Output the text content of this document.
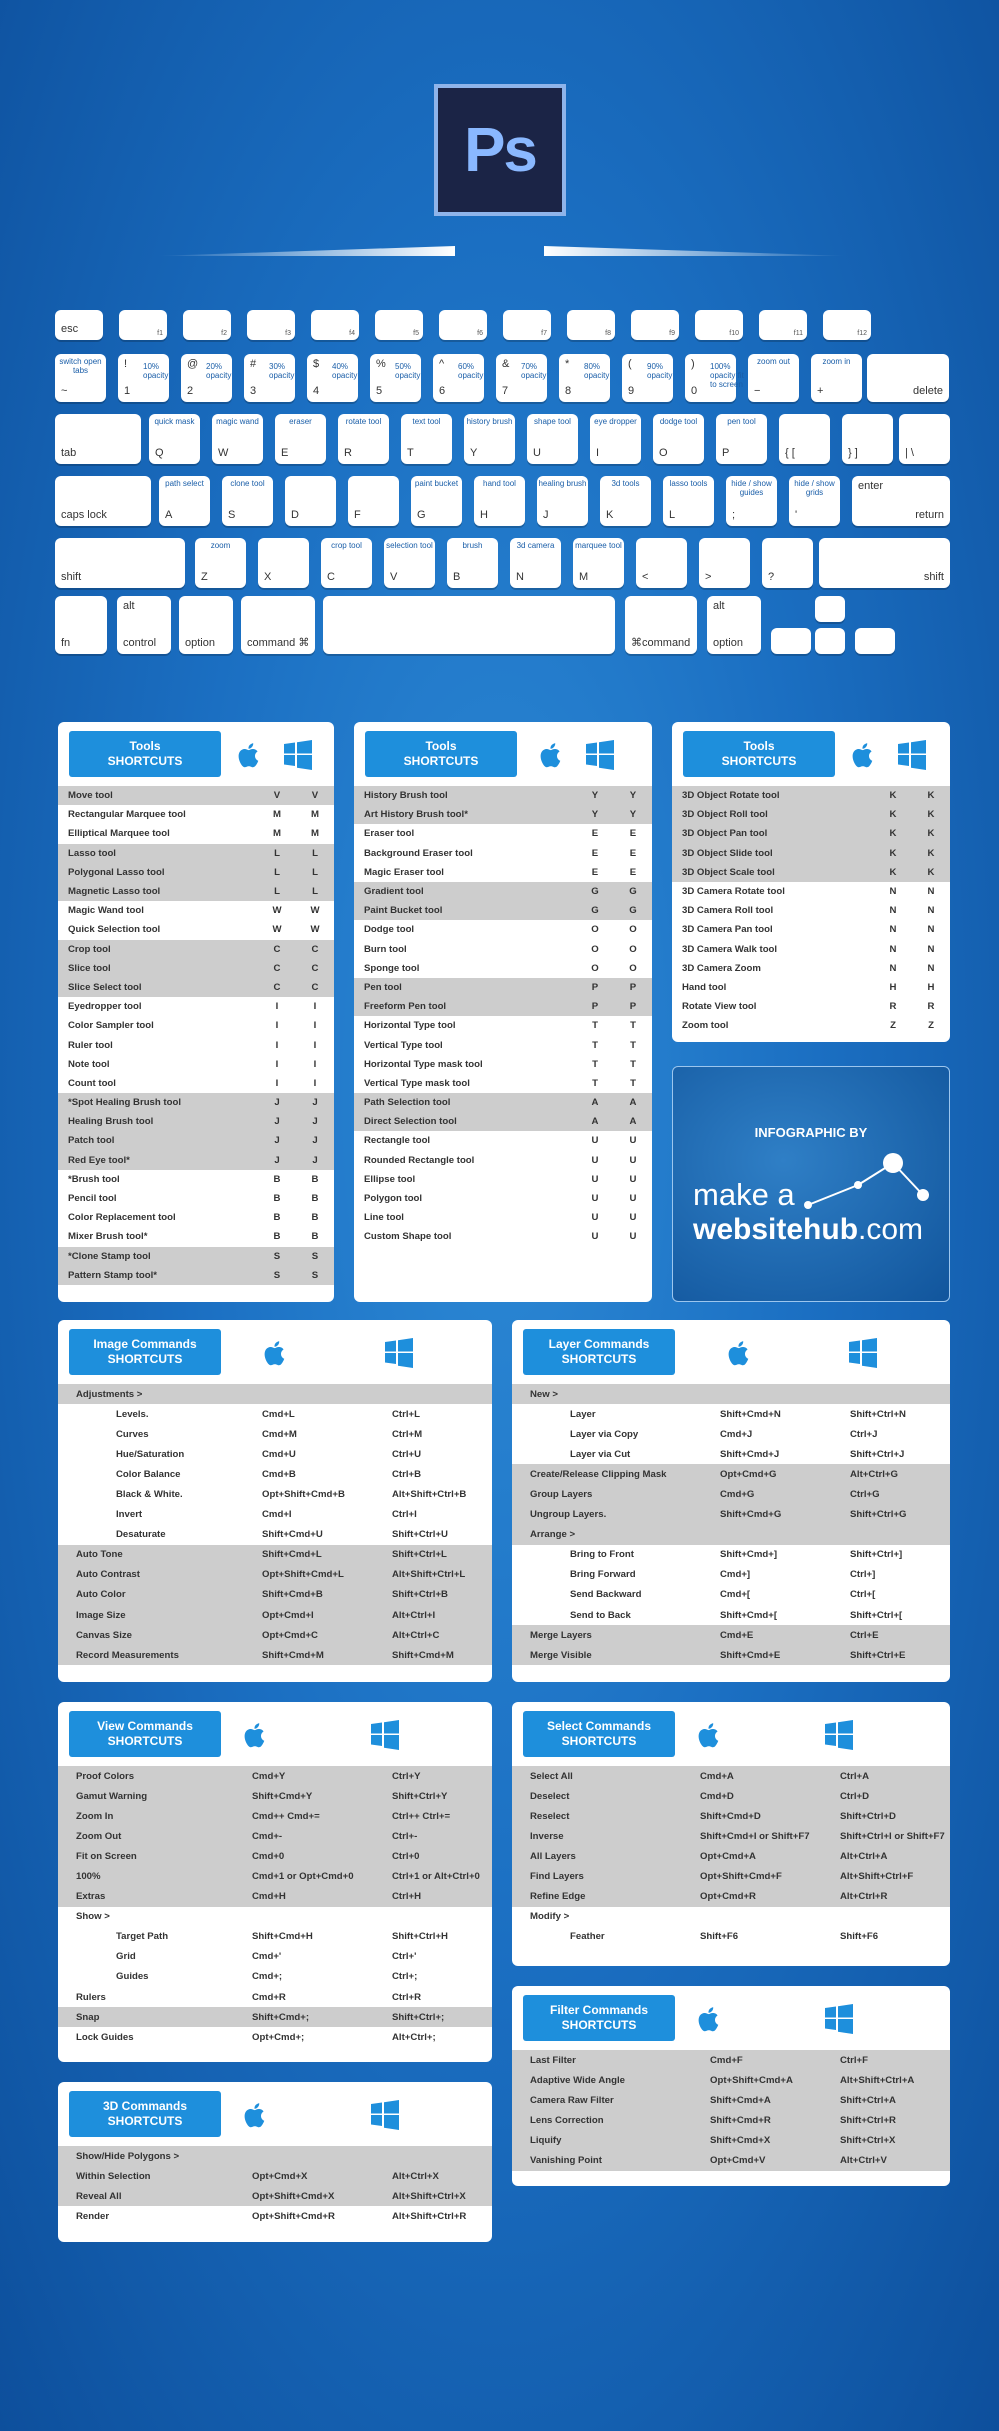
Ps
esc	f1	f2	f3	f4	f5	f6	f7	f8	f9	f10	f11	f12
switch open tabs
~
10% opacity
!
1
20% opacity
@
2
30% opacity
#
3
40% opacity
$
4
50% opacity
%
5
60% opacity
^
6
70% opacity
&
7
80% opacity
*
8
90% opacity
(
9
100% opacity fit to screen
)
0
zoom out
−
zoom in
+	delete
tab
quick mask
Q
magic wand
W
eraser
E
rotate tool
R
text tool
T
history brush
Y
shape tool
U
eye dropper
I
dodge tool
O
pen tool
P	{ [	} ]	| \
caps lock
path select
A
clone tool
S	D	F
paint bucket
G
hand tool
H
healing brush
J
3d tools
K
lasso tools
L
hide / show guides
;
hide / show grids
'
enter
return
shift
zoom
Z	X
crop tool
C
selection tool
V
brush
B
3d camera
N
marquee tool
M	<	>	?	shift
fn
alt
control	option	command ⌘	⌘command
alt
option
Tools
SHORTCUTS
Move tool	V	V
Rectangular Marquee tool	M	M
Elliptical Marquee tool	M	M
Lasso tool	L	L
Polygonal Lasso tool	L	L
Magnetic Lasso tool	L	L
Magic Wand tool	W	W
Quick Selection tool	W	W
Crop tool	C	C
Slice tool	C	C
Slice Select tool	C	C
Eyedropper tool	I	I
Color Sampler tool	I	I
Ruler tool	I	I
Note tool	I	I
Count tool	I	I
*Spot Healing Brush tool	J	J
Healing Brush tool	J	J
Patch tool	J	J
Red Eye tool*	J	J
*Brush tool	B	B
Pencil tool	B	B
Color Replacement tool	B	B
Mixer Brush tool*	B	B
*Clone Stamp tool	S	S
Pattern Stamp tool*	S	S
Tools
SHORTCUTS
History Brush tool	Y	Y
Art History Brush tool*	Y	Y
Eraser tool	E	E
Background Eraser tool	E	E
Magic Eraser tool	E	E
Gradient tool	G	G
Paint Bucket tool	G	G
Dodge tool	O	O
Burn tool	O	O
Sponge tool	O	O
Pen tool	P	P
Freeform Pen tool	P	P
Horizontal Type tool	T	T
Vertical Type tool	T	T
Horizontal Type mask tool	T	T
Vertical Type mask tool	T	T
Path Selection tool	A	A
Direct Selection tool	A	A
Rectangle tool	U	U
Rounded Rectangle tool	U	U
Ellipse tool	U	U
Polygon tool	U	U
Line tool	U	U
Custom Shape tool	U	U
Tools
SHORTCUTS
3D Object Rotate tool	K	K
3D Object Roll tool	K	K
3D Object Pan tool	K	K
3D Object Slide tool	K	K
3D Object Scale tool	K	K
3D Camera Rotate tool	N	N
3D Camera Roll tool	N	N
3D Camera Pan tool	N	N
3D Camera Walk tool	N	N
3D Camera Zoom	N	N
Hand tool	H	H
Rotate View tool	R	R
Zoom tool	Z	Z
Image Commands
SHORTCUTS
Adjustments >		
Levels.	Cmd+L	Ctrl+L
Curves	Cmd+M	Ctrl+M
Hue/Saturation	Cmd+U	Ctrl+U
Color Balance	Cmd+B	Ctrl+B
Black & White.	Opt+Shift+Cmd+B	Alt+Shift+Ctrl+B
Invert	Cmd+I	Ctrl+I
Desaturate	Shift+Cmd+U	Shift+Ctrl+U
Auto Tone	Shift+Cmd+L	Shift+Ctrl+L
Auto Contrast	Opt+Shift+Cmd+L	Alt+Shift+Ctrl+L
Auto Color	Shift+Cmd+B	Shift+Ctrl+B
Image Size	Opt+Cmd+I	Alt+Ctrl+I
Canvas Size	Opt+Cmd+C	Alt+Ctrl+C
Record Measurements	Shift+Cmd+M	Shift+Cmd+M
Layer Commands
SHORTCUTS
New >		
Layer	Shift+Cmd+N	Shift+Ctrl+N
Layer via Copy	Cmd+J	Ctrl+J
Layer via Cut	Shift+Cmd+J	Shift+Ctrl+J
Create/Release Clipping Mask	Opt+Cmd+G	Alt+Ctrl+G
Group Layers	Cmd+G	Ctrl+G
Ungroup Layers.	Shift+Cmd+G	Shift+Ctrl+G
Arrange >		
Bring to Front	Shift+Cmd+]	Shift+Ctrl+]
Bring Forward	Cmd+]	Ctrl+]
Send Backward	Cmd+[	Ctrl+[
Send to Back	Shift+Cmd+[	Shift+Ctrl+[
Merge Layers	Cmd+E	Ctrl+E
Merge Visible	Shift+Cmd+E	Shift+Ctrl+E
View Commands
SHORTCUTS
Proof Colors	Cmd+Y	Ctrl+Y
Gamut Warning	Shift+Cmd+Y	Shift+Ctrl+Y
Zoom In	Cmd++ Cmd+=	Ctrl++ Ctrl+=
Zoom Out	Cmd+-	Ctrl+-
Fit on Screen	Cmd+0	Ctrl+0
100%	Cmd+1 or Opt+Cmd+0	Ctrl+1 or Alt+Ctrl+0
Extras	Cmd+H	Ctrl+H
Show >		
Target Path	Shift+Cmd+H	Shift+Ctrl+H
Grid	Cmd+'	Ctrl+'
Guides	Cmd+;	Ctrl+;
Rulers	Cmd+R	Ctrl+R
Snap	Shift+Cmd+;	Shift+Ctrl+;
Lock Guides	Opt+Cmd+;	Alt+Ctrl+;
Select Commands
SHORTCUTS
Select All	Cmd+A	Ctrl+A
Deselect	Cmd+D	Ctrl+D
Reselect	Shift+Cmd+D	Shift+Ctrl+D
Inverse	Shift+Cmd+I or Shift+F7	Shift+Ctrl+I or Shift+F7
All Layers	Opt+Cmd+A	Alt+Ctrl+A
Find Layers	Opt+Shift+Cmd+F	Alt+Shift+Ctrl+F
Refine Edge	Opt+Cmd+R	Alt+Ctrl+R
Modify >		
Feather	Shift+F6	Shift+F6
3D Commands
SHORTCUTS
Show/Hide Polygons >		
Within Selection	Opt+Cmd+X	Alt+Ctrl+X
Reveal All	Opt+Shift+Cmd+X	Alt+Shift+Ctrl+X
Render	Opt+Shift+Cmd+R	Alt+Shift+Ctrl+R
Filter Commands
SHORTCUTS
Last Filter	Cmd+F	Ctrl+F
Adaptive Wide Angle	Opt+Shift+Cmd+A	Alt+Shift+Ctrl+A
Camera Raw Filter	Shift+Cmd+A	Shift+Ctrl+A
Lens Correction	Shift+Cmd+R	Shift+Ctrl+R
Liquify	Shift+Cmd+X	Shift+Ctrl+X
Vanishing Point	Opt+Cmd+V	Alt+Ctrl+V
INFOGRAPHIC BY
make a
websitehub.com
